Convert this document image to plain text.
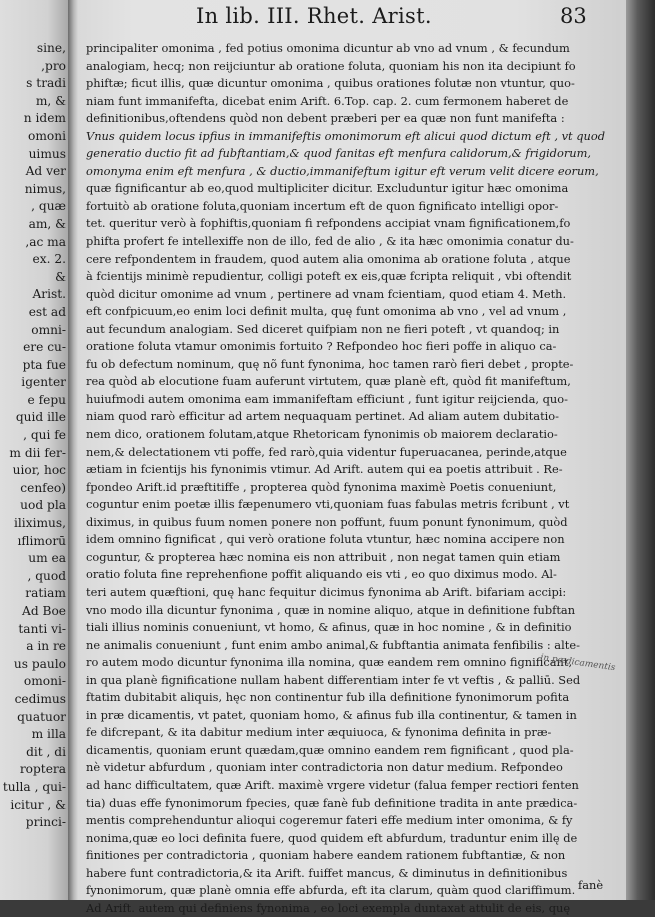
sine,
,pro
s tradi
m, &
n idem
omoni
uimus
Ad ver
nimus,
, quæ
am, &
,ac ma
ex. 2.
&
Arist.
est ad
omni-
ere cu-
pta fue
igenter
e fepu
quid ille
, qui fe
m dii fer-
uior, hoc
cenfeo)
uod pla
iliximus,
ıflimorū
um ea
, quod
ratiam
Ad Boe
tanti vi-
a in re
us paulo
omoni-
cedimus
quatuor
m illa
dit , di
roptera
tulla , qui-
icitur , &
princi-
In lib. III. Rhet. Arist.	83
principaliter omonima , fed potius omonima dicuntur ab vno ad vnum , & fecundum
analogiam, hecq; non reijciuntur ab oratione foluta, quoniam his non ita decipiunt fo
phiftæ; ficut illis, quæ dicuntur omonima , quibus orationes folutæ non vtuntur, quo-
niam funt immanifefta, dicebat enim Arift. 6.Top. cap. 2. cum fermonem haberet de
definitionibus,oftendens quòd non debent præberi per ea quæ non funt manifefta :
Vnus quidem locus ipfius in immanifeftis omonimorum eft alicui quod dictum eft , vt quod
generatio ductio fit ad fubftantiam,& quod fanitas eft menfura calidorum,& frigidorum,
omonyma enim eft menfura , & ductio,immanifeftum igitur eft verum velit dicere eorum,
quæ fignificantur ab eo,quod multipliciter dicitur. Excluduntur igitur hæc omonima
fortuitò ab oratione foluta,quoniam incertum eft de quon fignificato intelligi opor-
tet. queritur verò à fophiftis,quoniam fi refpondens accipiat vnam fignificationem,fo
phifta profert fe intellexiffe non de illo, fed de alio , & ita hæc omonimia conatur du-
cere refpondentem in fraudem, quod autem alia omonima ab oratione foluta , atque
à fcientijs minimè repudientur, colligi poteft ex eis,quæ fcripta reliquit , vbi oftendit
quòd dicitur omonime ad vnum , pertinere ad vnam fcientiam, quod etiam 4. Meth.
eft confpicuum,eo enim loci definit multa, quę funt omonima ab vno , vel ad vnum ,
aut fecundum analogiam. Sed diceret quifpiam non ne fieri poteft , vt quandoq; in
oratione foluta vtamur omonimis fortuito ? Refpondeo hoc fieri poffe in aliquo ca-
fu ob defectum nominum, quę nõ funt fynonima, hoc tamen rarò fieri debet , propte-
rea quòd ab elocutione fuam auferunt virtutem, quæ planè eft, quòd fit manifeftum,
huiufmodi autem omonima eam immanifeftam efficiunt , funt igitur reijcienda, quo-
niam quod rarò efficitur ad artem nequaquam pertinet. Ad aliam autem dubitatio-
nem dico, orationem folutam,atque Rhetoricam fynonimis ob maiorem declaratio-
nem,& delectationem vti poffe, fed rarò,quia videntur fuperuacanea, perinde,atque
ætiam in fcientijs his fynonimis vtimur. Ad Arift. autem qui ea poetis attribuit . Re-
fpondeo Arift.id præftitiffe , propterea quòd fynonima maximè Poetis conueniunt,
coguntur enim poetæ illis fæpenumero vti,quoniam fuas fabulas metris fcribunt , vt
diximus, in quibus fuum nomen ponere non poffunt, fuum ponunt fynonimum, quòd
idem omnino fignificat , qui verò oratione foluta vtuntur, hæc nomina accipere non
coguntur, & propterea hæc nomina eis non attribuit , non negat tamen quin etiam
oratio foluta fine reprehenfione poffit aliquando eis vti , eo quo diximus modo. Al-
teri autem quæftioni, quę hanc fequitur dicimus fynonima ab Arift. bifariam accipi:
vno modo illa dicuntur fynonima , quæ in nomine aliquo, atque in definitione fubftan
tiali illius nominis conueniunt, vt homo, & afinus, quæ in hoc nomine , & in definitio
ne animalis conueniunt , funt enim ambo animal,& fubftantia animata fenfibilis : alte-
ro autem modo dicuntur fynonima illa nomina, quæ eandem rem omnino fignificant,
in qua planè fignificatione nullam habent differentiam inter fe vt veftis , & palliū. Sed
ftatim dubitabit aliquis, hęc non continentur fub illa definitione fynonimorum pofita
in præ dicamentis, vt patet, quoniam homo, & afinus fub illa continentur, & tamen in
fe difcrepant, & ita dabitur medium inter æquiuoca, & fynonima definita in præ-
dicamentis, quoniam erunt quædam,quæ omnino eandem rem fignificant , quod pla-
nè videtur abfurdum , quoniam inter contradictoria non datur medium. Refpondeo
ad hanc difficultatem, quæ Arift. maximè vrgere videtur (falua femper rectiori fenten
tia) duas effe fynonimorum fpecies, quæ fanè fub definitione tradita in ante prædica-
mentis comprehenduntur alioqui cogeremur fateri effe medium inter omonima, & fy
nonima,quæ eo loci definita fuere, quod quidem eft abfurdum, traduntur enim illę de
finitiones per contradictoria , quoniam habere eandem rationem fubftantiæ, & non
habere funt contradictoria,& ita Arift. fuiffet mancus, & diminutus in definitionibus
fynonimorum, quæ planè omnia effe abfurda, eft ita clarum, quàm quod clariffimum.
Ad Arift. autem qui definiens fynonima , eo loci exempla duntaxat attulit de eis, quę
fanè
in pædicamentis
